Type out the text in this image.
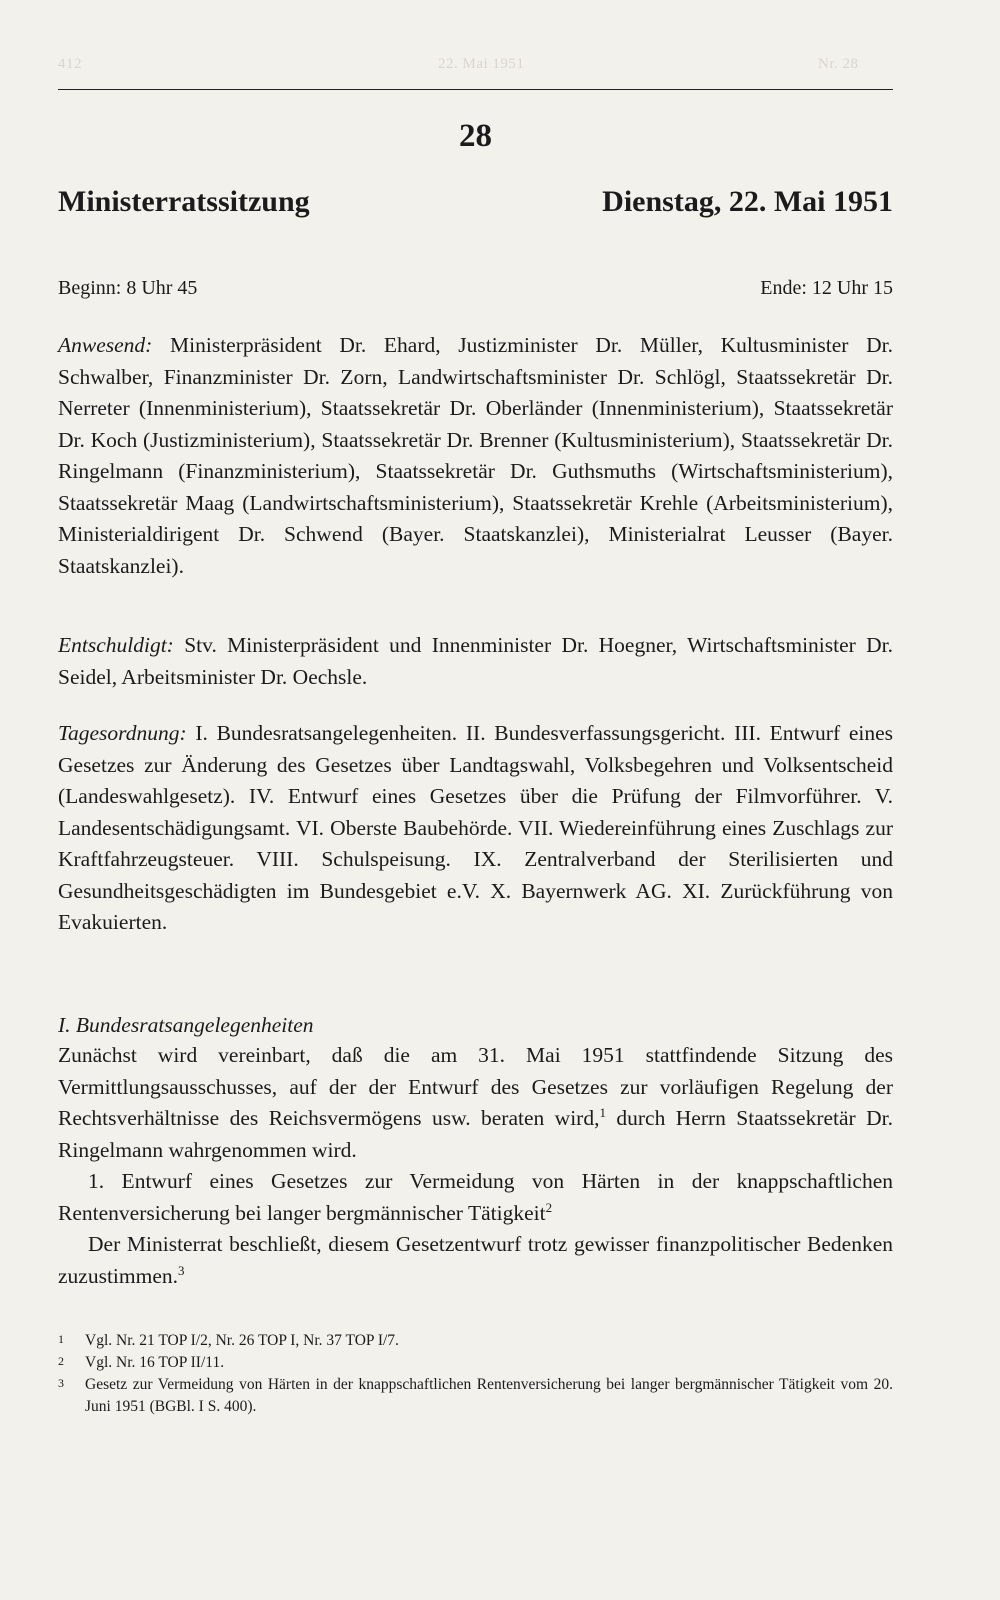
412	22. Mai 1951	Nr. 28
28
Ministerratssitzung	Dienstag, 22. Mai 1951
Beginn: 8 Uhr 45	Ende: 12 Uhr 15
Anwesend: Ministerpräsident Dr. Ehard, Justizminister Dr. Müller, Kultusminister Dr. Schwalber, Finanzminister Dr. Zorn, Landwirtschaftsminister Dr. Schlögl, Staatssekretär Dr. Nerreter (Innenministerium), Staatssekretär Dr. Oberländer (Innenministerium), Staatssekretär Dr. Koch (Justizministerium), Staatssekretär Dr. Brenner (Kultusministerium), Staatssekretär Dr. Ringelmann (Finanzministerium), Staatssekretär Dr. Guthsmuths (Wirtschaftsministerium), Staatssekretär Maag (Landwirtschaftsministerium), Staatssekretär Krehle (Arbeitsministerium), Ministerialdirigent Dr. Schwend (Bayer. Staatskanzlei), Ministerialrat Leusser (Bayer. Staatskanzlei).
Entschuldigt: Stv. Ministerpräsident und Innenminister Dr. Hoegner, Wirtschaftsminister Dr. Seidel, Arbeitsminister Dr. Oechsle.
Tagesordnung: I. Bundesratsangelegenheiten. II. Bundesverfassungsgericht. III. Entwurf eines Gesetzes zur Änderung des Gesetzes über Landtagswahl, Volksbegehren und Volksentscheid (Landeswahlgesetz). IV. Entwurf eines Gesetzes über die Prüfung der Filmvorführer. V. Landesentschädigungsamt. VI. Oberste Baubehörde. VII. Wiedereinführung eines Zuschlags zur Kraftfahrzeugsteuer. VIII. Schulspeisung. IX. Zentralverband der Sterilisierten und Gesundheitsgeschädigten im Bundesgebiet e.V. X. Bayernwerk AG. XI. Zurückführung von Evakuierten.
I. Bundesratsangelegenheiten
Zunächst wird vereinbart, daß die am 31. Mai 1951 stattfindende Sitzung des Vermittlungsausschusses, auf der der Entwurf des Gesetzes zur vorläufigen Regelung der Rechtsverhältnisse des Reichsvermögens usw. beraten wird,$^1$ durch Herrn Staatssekretär Dr. Ringelmann wahrgenommen wird.
1. Entwurf eines Gesetzes zur Vermeidung von Härten in der knappschaftlichen Rentenversicherung bei langer bergmännischer Tätigkeit$^2$
Der Ministerrat beschließt, diesem Gesetzentwurf trotz gewisser finanzpolitischer Bedenken zuzustimmen.$^3$
1	Vgl. Nr. 21 TOP I/2, Nr. 26 TOP I, Nr. 37 TOP I/7.
2	Vgl. Nr. 16 TOP II/11.
3	Gesetz zur Vermeidung von Härten in der knappschaftlichen Rentenversicherung bei langer bergmännischer Tätigkeit vom 20. Juni 1951 (BGBl. I S. 400).
